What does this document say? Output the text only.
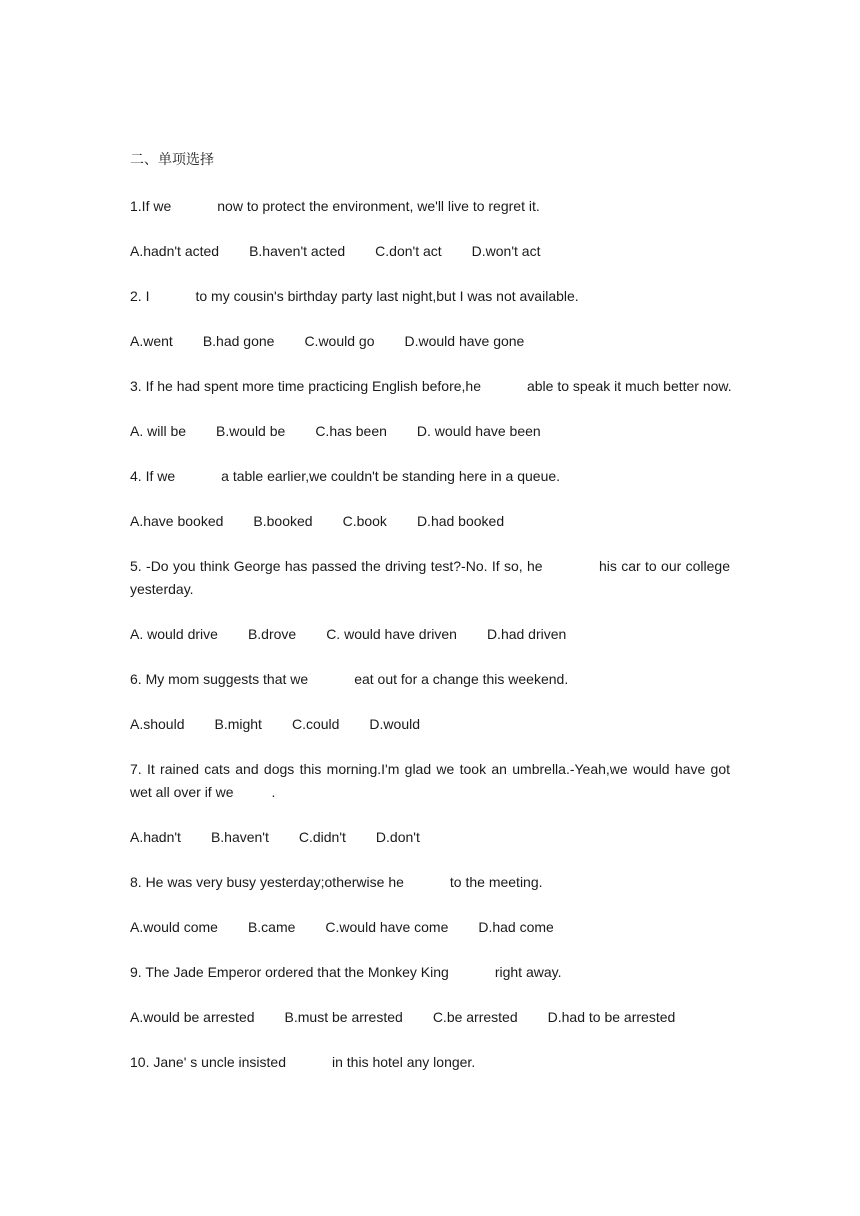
二、单项选择
1.If we	now to protect the environment, we'll live to regret it.
A.hadn't acted B.haven't acted C.don't act D.won't act
2. I	to my cousin's birthday party last night,but I was not available.
A.went B.had gone C.would go D.would have gone
3. If he had spent more time practicing English before,he	able to speak it much better now.
A. will be B.would be C.has been D. would have been
4. If we	a table earlier,we couldn't be standing here in a queue.
A.have booked B.booked C.book D.had booked
5. -Do you think George has passed the driving test?-No. If so, he	his car to our college yesterday.
A. would drive B.drove C. would have driven D.had driven
6. My mom suggests that we	eat out for a change this weekend.
A.should B.might C.could D.would
7. It rained cats and dogs this morning.I'm glad we took an umbrella.-Yeah,we would have got wet all over if we	.
A.hadn't B.haven't C.didn't D.don't
8. He was very busy yesterday;otherwise he	to the meeting.
A.would come B.came C.would have come D.had come
9. The Jade Emperor ordered that the Monkey King	right away.
A.would be arrested B.must be arrested C.be arrested D.had to be arrested
10. Jane' s uncle insisted	in this hotel any longer.
